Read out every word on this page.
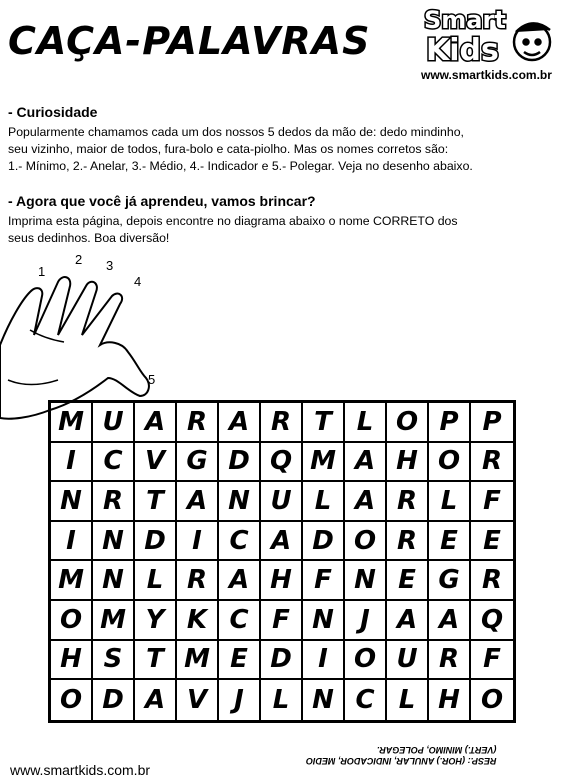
CAÇA-PALAVRAS Smart
Kids
www.smartkids.com.br
- Curiosidade
Popularmente chamamos cada um dos nossos 5 dedos da mão de: dedo mindinho,
seu vizinho, maior de todos, fura-bolo e cata-piolho. Mas os nomes corretos são:
1.- Mínimo, 2.- Anelar, 3.- Médio, 4.- Indicador e 5.- Polegar. Veja no desenho abaixo.
- Agora que você já aprendeu, vamos brincar?
Imprima esta página, depois encontre no diagrama abaixo o nome CORRETO dos
seus dedinhos. Boa diversão!
1
2 3
4
5
M U A R A R T L O P P
I	C V G D Q M A H O R
N R T A N U L A R L F
I	N D	I	C A D O R E E
M N L R A H F N E G R
O M Y K C F N	J	A A Q
H S T M E D	I	O U R F
O D A V	J	L N C L H O
RESP.: (HOR.) ANULAR, INDICADOR, MEDIO
(VERT.) MINIMO, POLEGAR.
www.smartkids.com.br
